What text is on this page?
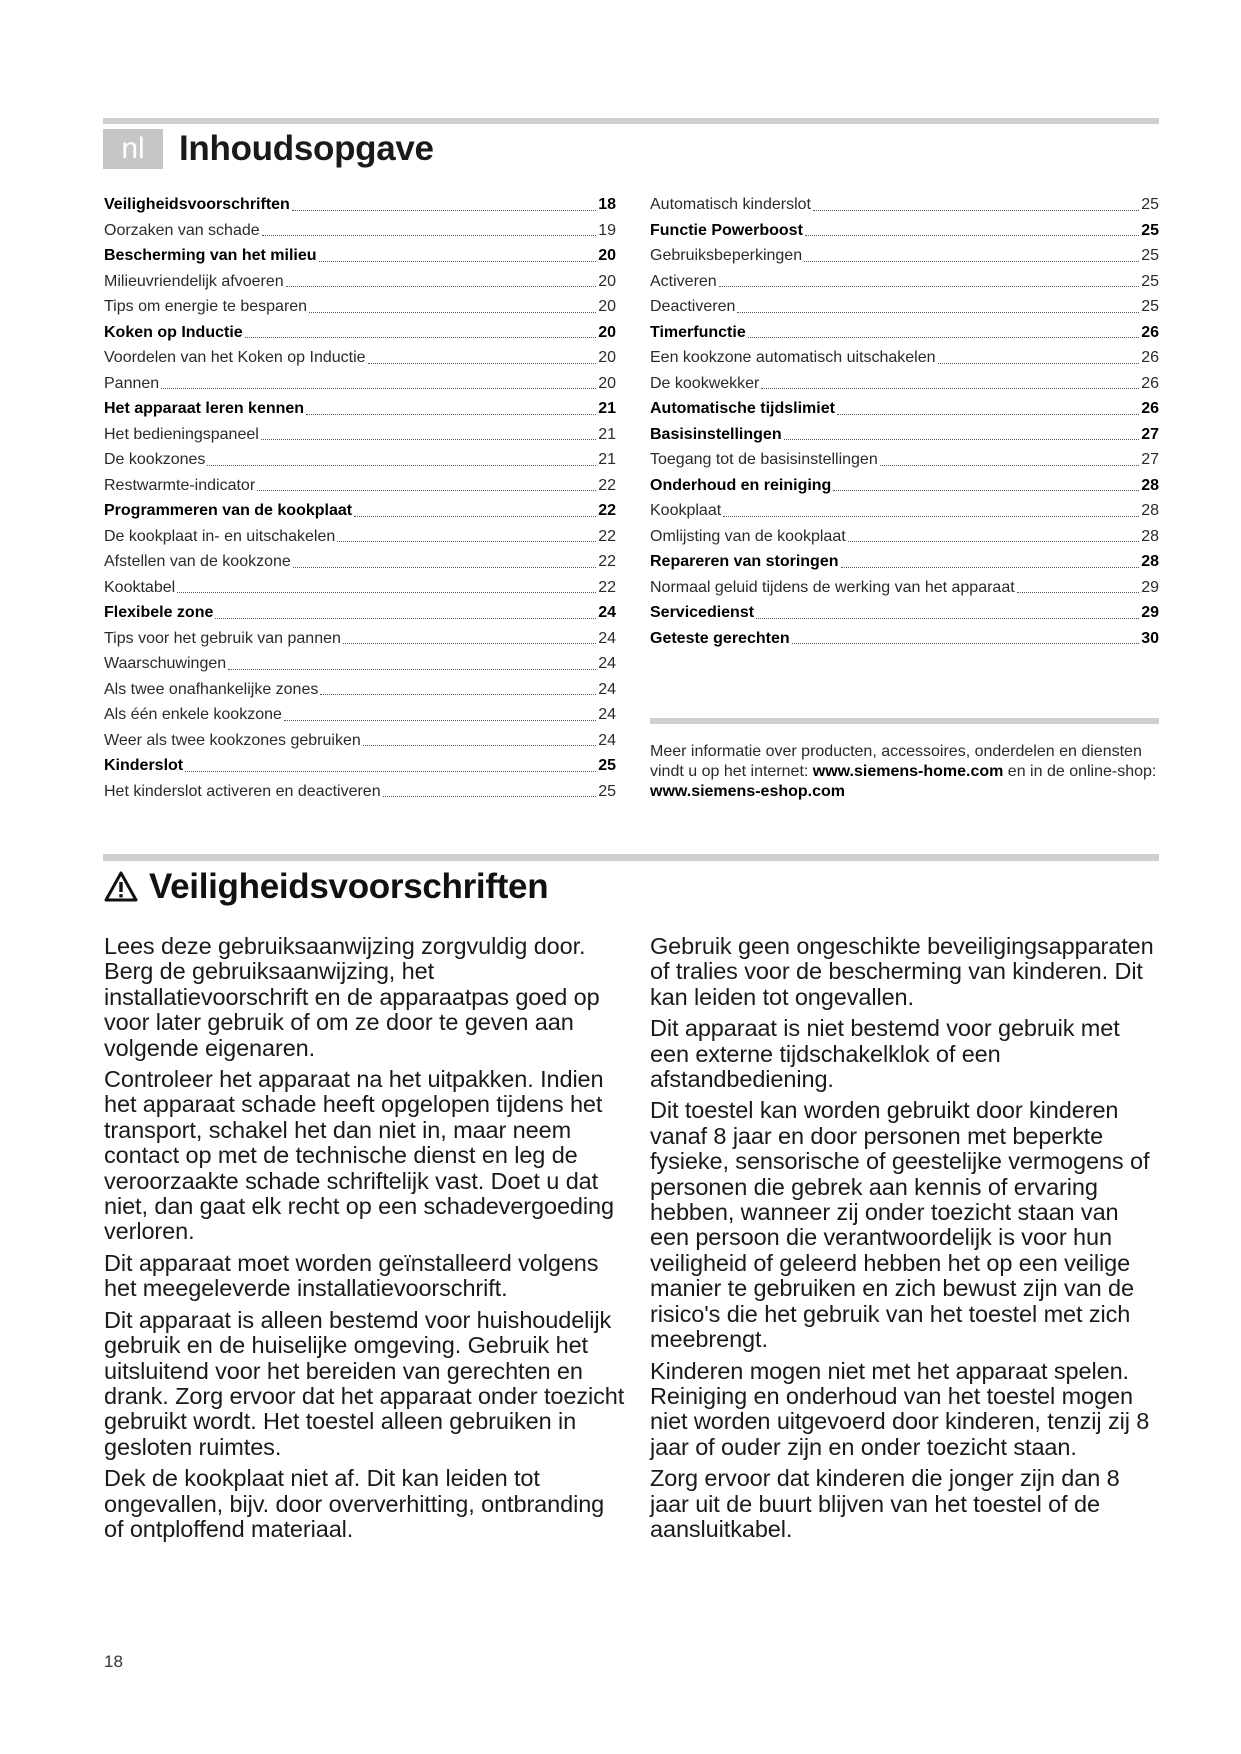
nl Inhoudsopgave
Veiligheidsvoorschriften	18
Oorzaken van schade	19
Bescherming van het milieu	20
Milieuvriendelijk afvoeren	20
Tips om energie te besparen	20
Koken op Inductie	20
Voordelen van het Koken op Inductie	20
Pannen	20
Het apparaat leren kennen	21
Het bedieningspaneel	21
De kookzones	21
Restwarmte-indicator	22
Programmeren van de kookplaat	22
De kookplaat in- en uitschakelen	22
Afstellen van de kookzone	22
Kooktabel	22
Flexibele zone	24
Tips voor het gebruik van pannen	24
Waarschuwingen	24
Als twee onafhankelijke zones	24
Als één enkele kookzone	24
Weer als twee kookzones gebruiken	24
Kinderslot	25
Het kinderslot activeren en deactiveren	25
Automatisch kinderslot	25
Functie Powerboost	25
Gebruiksbeperkingen	25
Activeren	25
Deactiveren	25
Timerfunctie	26
Een kookzone automatisch uitschakelen	26
De kookwekker	26
Automatische tijdslimiet	26
Basisinstellingen	27
Toegang tot de basisinstellingen	27
Onderhoud en reiniging	28
Kookplaat	28
Omlijsting van de kookplaat	28
Repareren van storingen	28
Normaal geluid tijdens de werking van het apparaat	29
Servicedienst	29
Geteste gerechten	30
Meer informatie over producten, accessoires, onderdelen en diensten vindt u op het internet: www.siemens-home.com en in de online-shop: www.siemens-eshop.com
Veiligheidsvoorschriften

Lees deze gebruiksaanwijzing zorgvuldig door. Berg de gebruiksaanwijzing, het installatievoorschrift en de apparaatpas goed op voor later gebruik of om ze door te geven aan volgende eigenaren.

Controleer het apparaat na het uitpakken. Indien het apparaat schade heeft opgelopen tijdens het transport, schakel het dan niet in, maar neem contact op met de technische dienst en leg de veroorzaakte schade schriftelijk vast. Doet u dat niet, dan gaat elk recht op een schadevergoeding verloren.

Dit apparaat moet worden geïnstalleerd volgens het meegeleverde installatievoorschrift.

Dit apparaat is alleen bestemd voor huishoudelijk gebruik en de huiselijke omgeving. Gebruik het uitsluitend voor het bereiden van gerechten en drank. Zorg ervoor dat het apparaat onder toezicht gebruikt wordt. Het toestel alleen gebruiken in gesloten ruimtes.

Dek de kookplaat niet af. Dit kan leiden tot ongevallen, bijv. door oververhitting, ontbranding of ontploffend materiaal.

Gebruik geen ongeschikte beveiligingsapparaten of tralies voor de bescherming van kinderen. Dit kan leiden tot ongevallen.

Dit apparaat is niet bestemd voor gebruik met een externe tijdschakelklok of een afstandbediening.

Dit toestel kan worden gebruikt door kinderen vanaf 8 jaar en door personen met beperkte fysieke, sensorische of geestelijke vermogens of personen die gebrek aan kennis of ervaring hebben, wanneer zij onder toezicht staan van een persoon die verantwoordelijk is voor hun veiligheid of geleerd hebben het op een veilige manier te gebruiken en zich bewust zijn van de risico's die het gebruik van het toestel met zich meebrengt.

Kinderen mogen niet met het apparaat spelen. Reiniging en onderhoud van het toestel mogen niet worden uitgevoerd door kinderen, tenzij zij 8 jaar of ouder zijn en onder toezicht staan.

Zorg ervoor dat kinderen die jonger zijn dan 8 jaar uit de buurt blijven van het toestel of de aansluitkabel.

18
